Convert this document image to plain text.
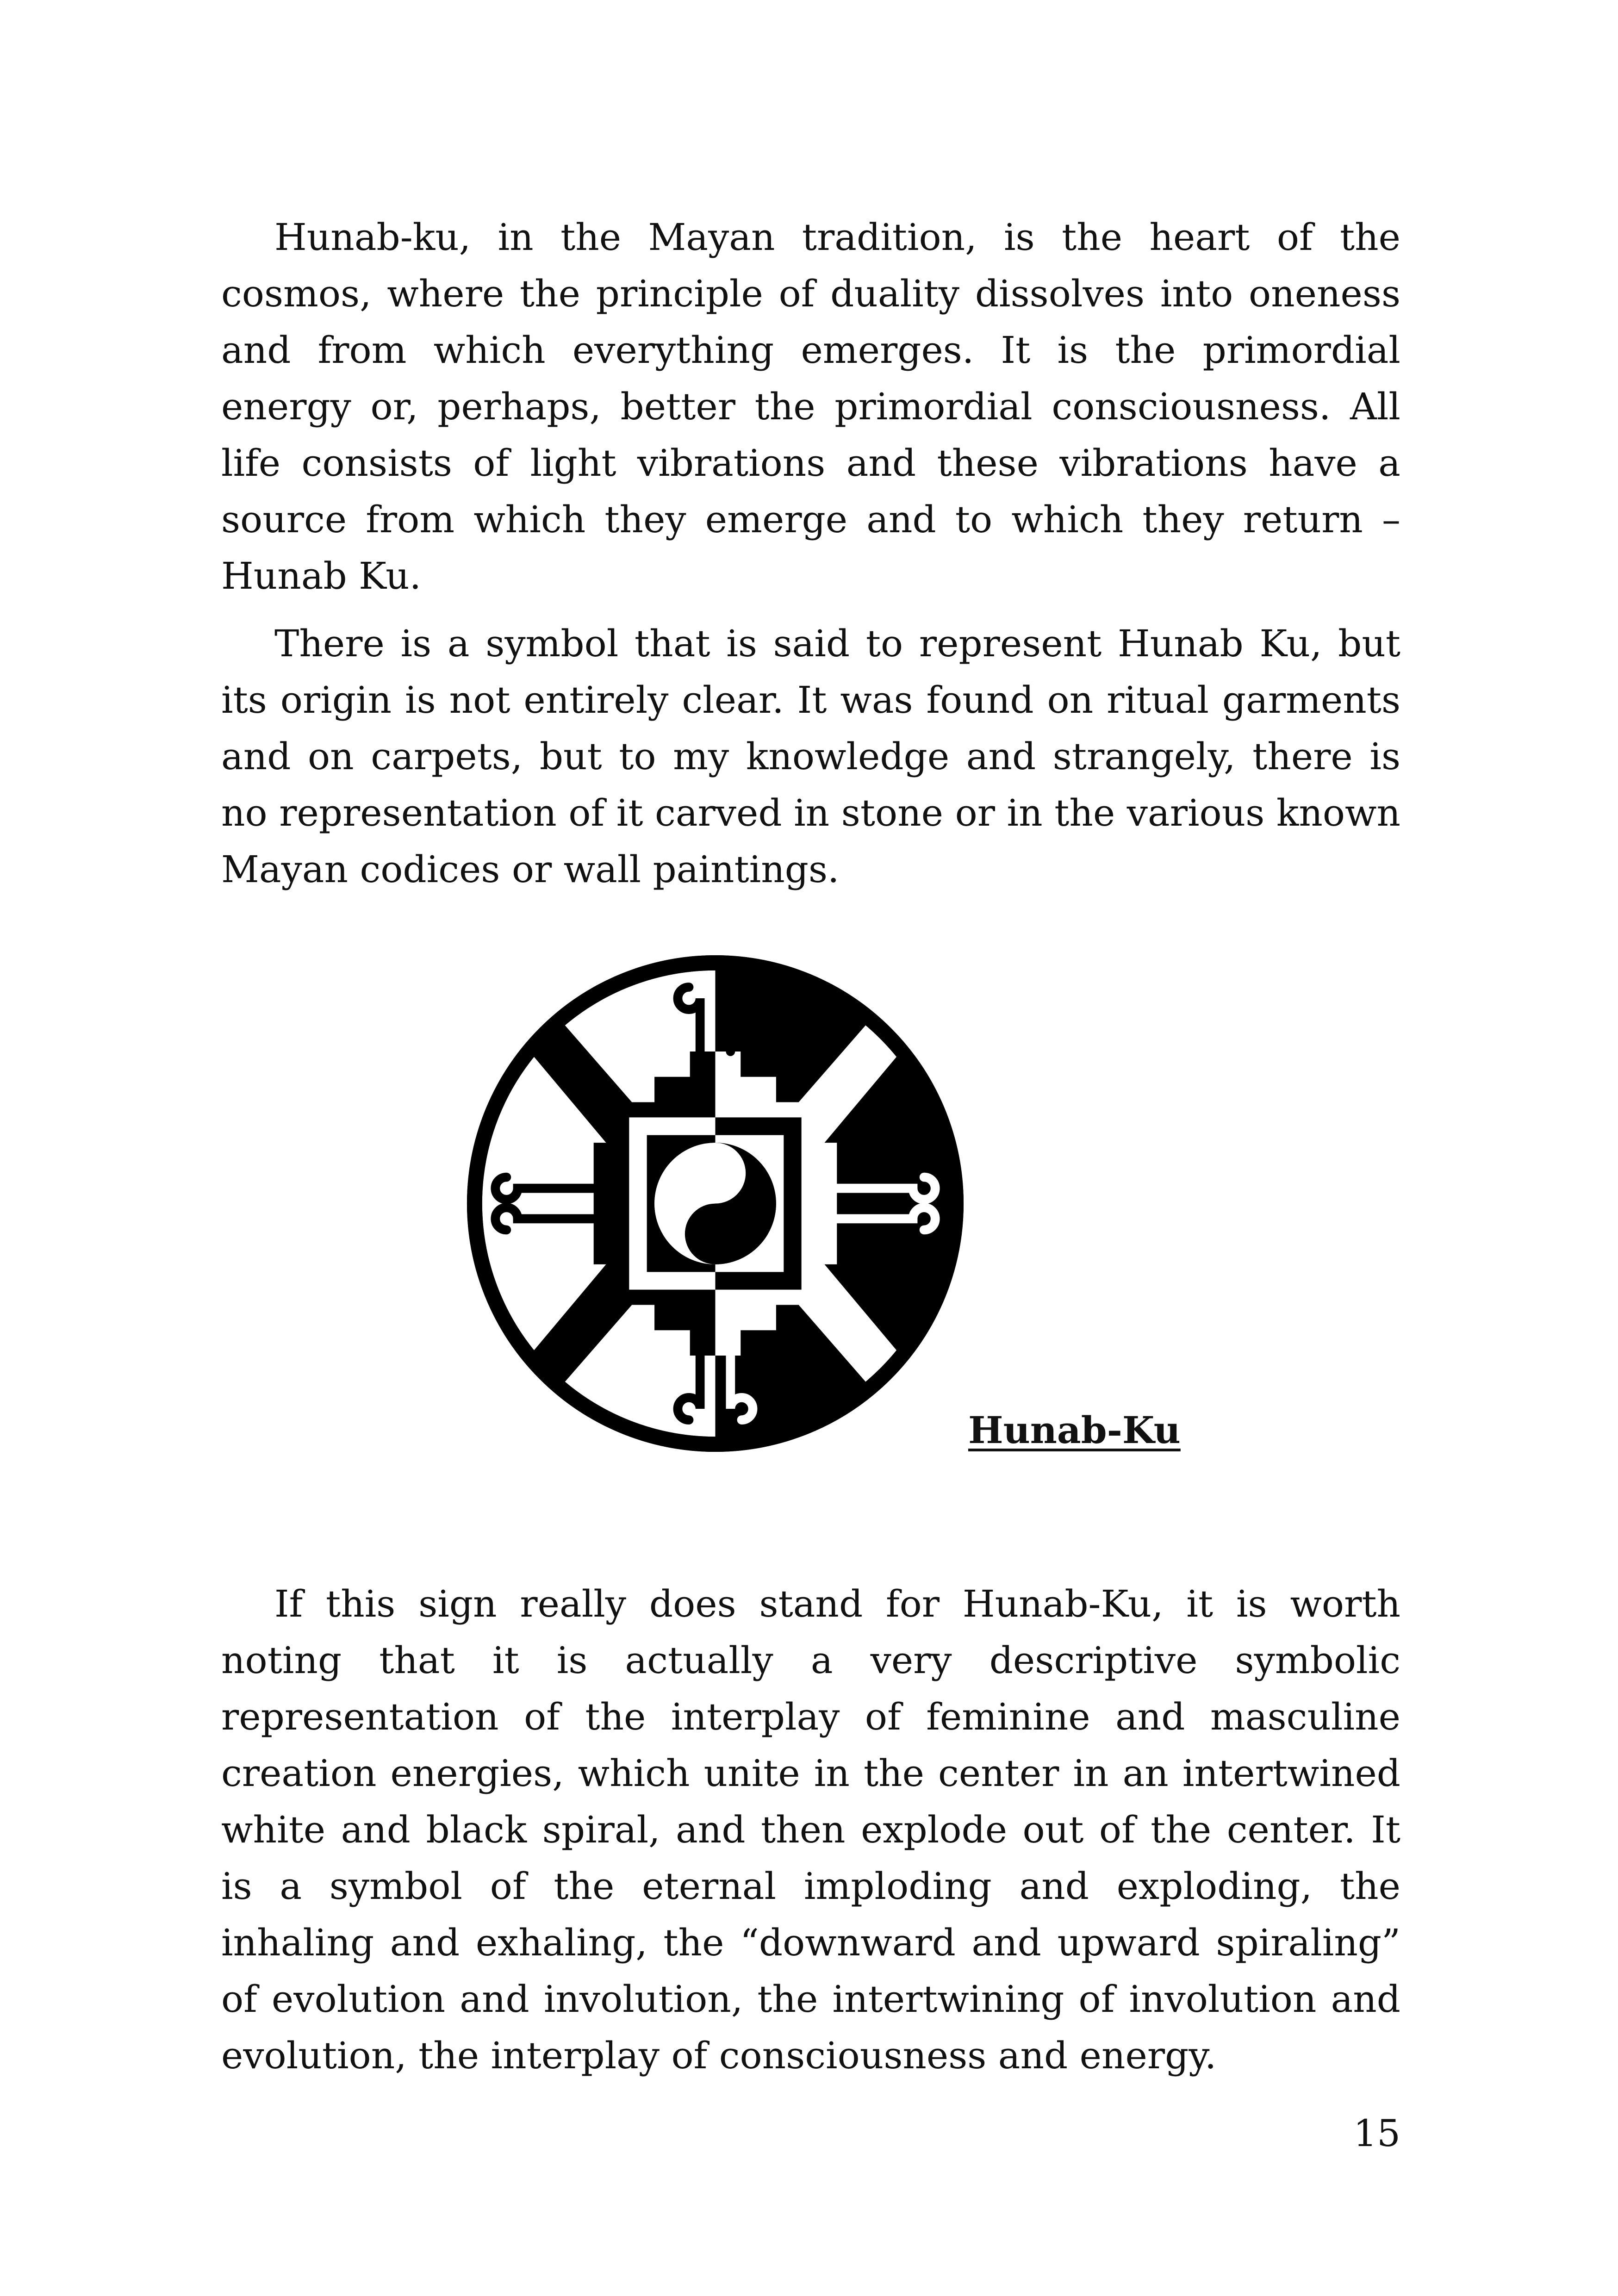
Hunab-ku, in the Mayan tradition, is the heart of the cosmos, where the principle of duality dissolves into oneness and from which everything emerges. It is the primordial energy or, perhaps, better the primordial consciousness. All life consists of light vibrations and these vibrations have a source from which they emerge and to which they return – Hunab Ku.

There is a symbol that is said to represent Hunab Ku, but its origin is not entirely clear. It was found on ritual garments and on carpets, but to my knowledge and strangely, there is no representation of it carved in stone or in the various known Mayan codices or wall paintings.

Hunab-Ku

If this sign really does stand for Hunab-Ku, it is worth noting that it is actually a very descriptive symbolic representation of the interplay of feminine and masculine creation energies, which unite in the center in an intertwined white and black spiral, and then explode out of the center. It is a symbol of the eternal imploding and exploding, the inhaling and exhaling, the “downward and upward spiraling” of evolution and involution, the intertwining of involution and evolution, the interplay of consciousness and energy.

15
